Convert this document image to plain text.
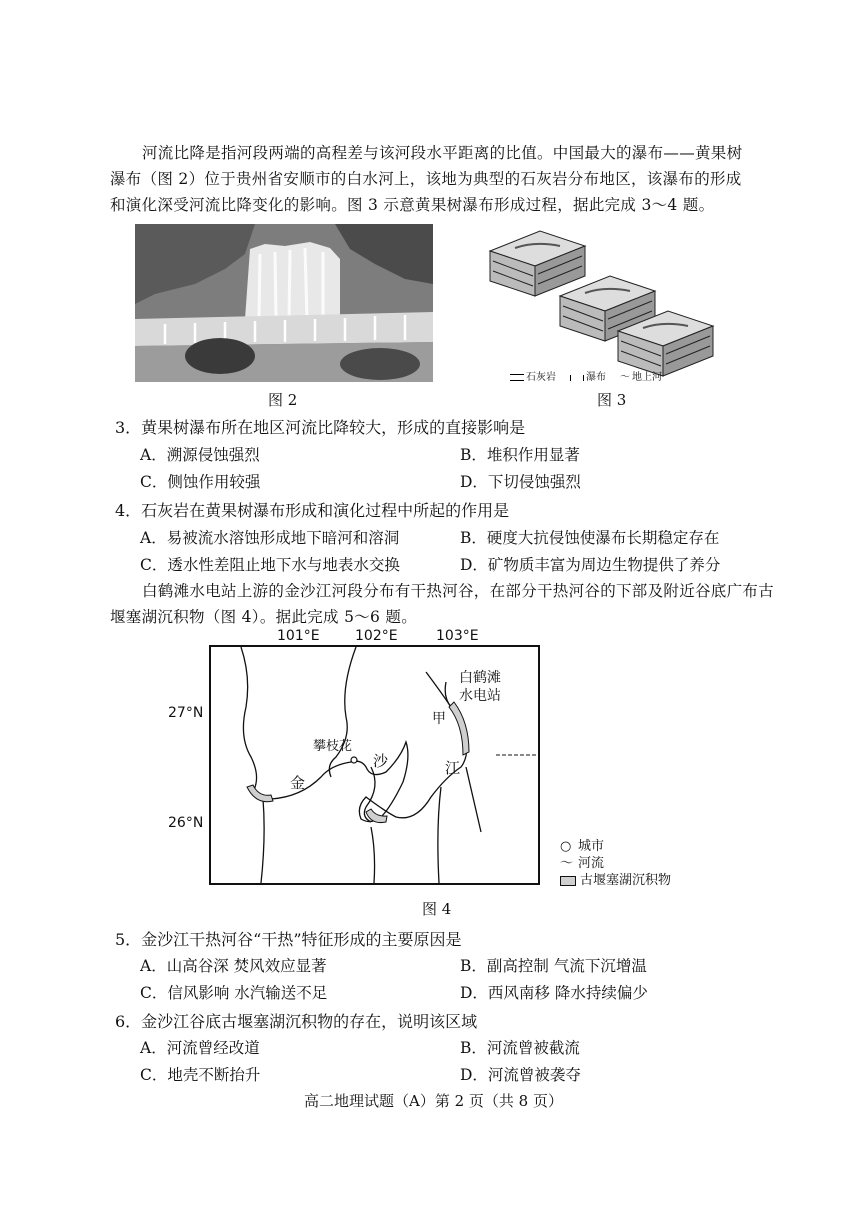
河流比降是指河段两端的高程差与该河段水平距离的比值。中国最大的瀑布——黄果树
瀑布（图 2）位于贵州省安顺市的白水河上，该地为典型的石灰岩分布地区，该瀑布的形成
和演化深受河流比降变化的影响。图 3 示意黄果树瀑布形成过程，据此完成 3～4 题。
图 2
石灰岩	瀑布 〜 地上河
图 3
3．黄果树瀑布所在地区河流比降较大，形成的直接影响是
A．溯源侵蚀强烈	B．堆积作用显著
C．侧蚀作用较强	D．下切侵蚀强烈
4．石灰岩在黄果树瀑布形成和演化过程中所起的作用是
A．易被流水溶蚀形成地下暗河和溶洞	B．硬度大抗侵蚀使瀑布长期稳定存在
C．透水性差阻止地下水与地表水交换	D．矿物质丰富为周边生物提供了养分
白鹤滩水电站上游的金沙江河段分布有干热河谷，在部分干热河谷的下部及附近谷底广布古
堰塞湖沉积物（图 4）。据此完成 5～6 题。
101°E	102°E	103°E
27°N
26°N
白鹤滩
水电站
甲
攀枝花
金
沙	江
○ 城市
〜 河流
古堰塞湖沉积物
图 4
5．金沙江干热河谷“干热”特征形成的主要原因是
A．山高谷深 焚风效应显著	B．副高控制 气流下沉增温
C．信风影响 水汽输送不足	D．西风南移 降水持续偏少
6．金沙江谷底古堰塞湖沉积物的存在，说明该区域
A．河流曾经改道	B．河流曾被截流
C．地壳不断抬升	D．河流曾被袭夺
高二地理试题（A）第 2 页（共 8 页）
